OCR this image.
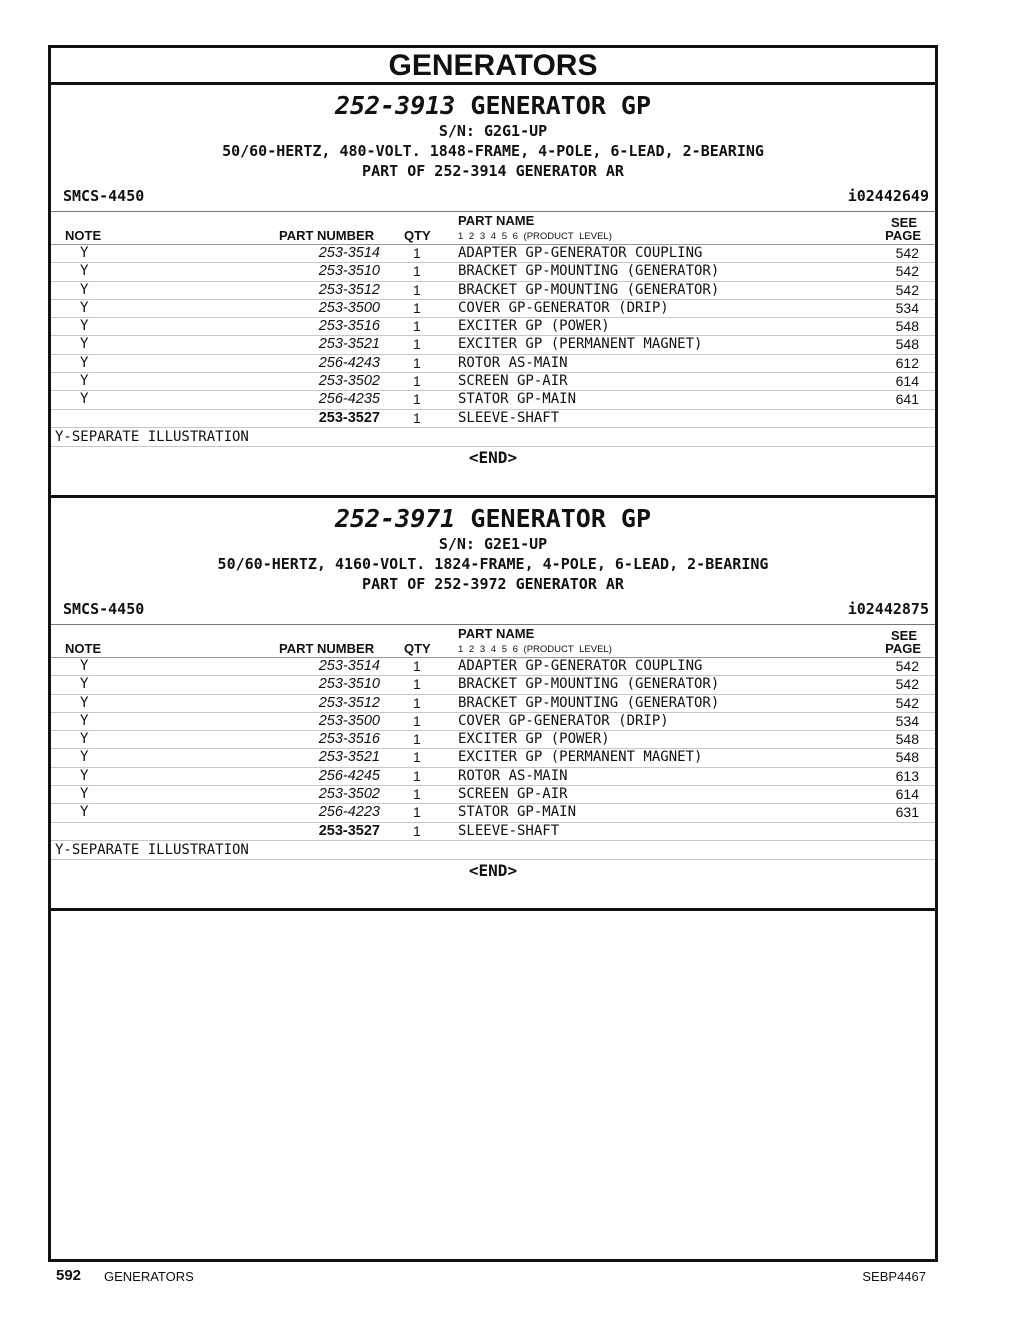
GENERATORS
252-3913 GENERATOR GP
S/N: G2G1-UP
50/60-HERTZ, 480-VOLT. 1848-FRAME, 4-POLE, 6-LEAD, 2-BEARING
PART OF 252-3914 GENERATOR AR
SMCS-4450	i02442649
NOTE	PART NUMBER QTY
PART NAME
1 2 3 4 5 6 (PRODUCT LEVEL)
SEE
PAGE
Y	253-3514 1	ADAPTER GP-GENERATOR COUPLING	542
Y	253-3510 1	BRACKET GP-MOUNTING (GENERATOR)	542
Y	253-3512 1	BRACKET GP-MOUNTING (GENERATOR)	542
Y	253-3500 1	COVER GP-GENERATOR (DRIP)	534
Y	253-3516 1	EXCITER GP (POWER)	548
Y	253-3521 1	EXCITER GP (PERMANENT MAGNET)	548
Y	256-4243 1	ROTOR AS-MAIN	612
Y	253-3502 1	SCREEN GP-AIR	614
Y	256-4235 1	STATOR GP-MAIN	641
253-3527 1	SLEEVE-SHAFT
Y-SEPARATE ILLUSTRATION
<END>
252-3971 GENERATOR GP
S/N: G2E1-UP
50/60-HERTZ, 4160-VOLT. 1824-FRAME, 4-POLE, 6-LEAD, 2-BEARING
PART OF 252-3972 GENERATOR AR
SMCS-4450	i02442875
NOTE	PART NUMBER QTY
PART NAME
1 2 3 4 5 6 (PRODUCT LEVEL)
SEE
PAGE
Y	253-3514 1	ADAPTER GP-GENERATOR COUPLING	542
Y	253-3510 1	BRACKET GP-MOUNTING (GENERATOR)	542
Y	253-3512 1	BRACKET GP-MOUNTING (GENERATOR)	542
Y	253-3500 1	COVER GP-GENERATOR (DRIP)	534
Y	253-3516 1	EXCITER GP (POWER)	548
Y	253-3521 1	EXCITER GP (PERMANENT MAGNET)	548
Y	256-4245 1	ROTOR AS-MAIN	613
Y	253-3502 1	SCREEN GP-AIR	614
Y	256-4223 1	STATOR GP-MAIN	631
253-3527 1	SLEEVE-SHAFT
Y-SEPARATE ILLUSTRATION
<END>
592 GENERATORS	SEBP4467
